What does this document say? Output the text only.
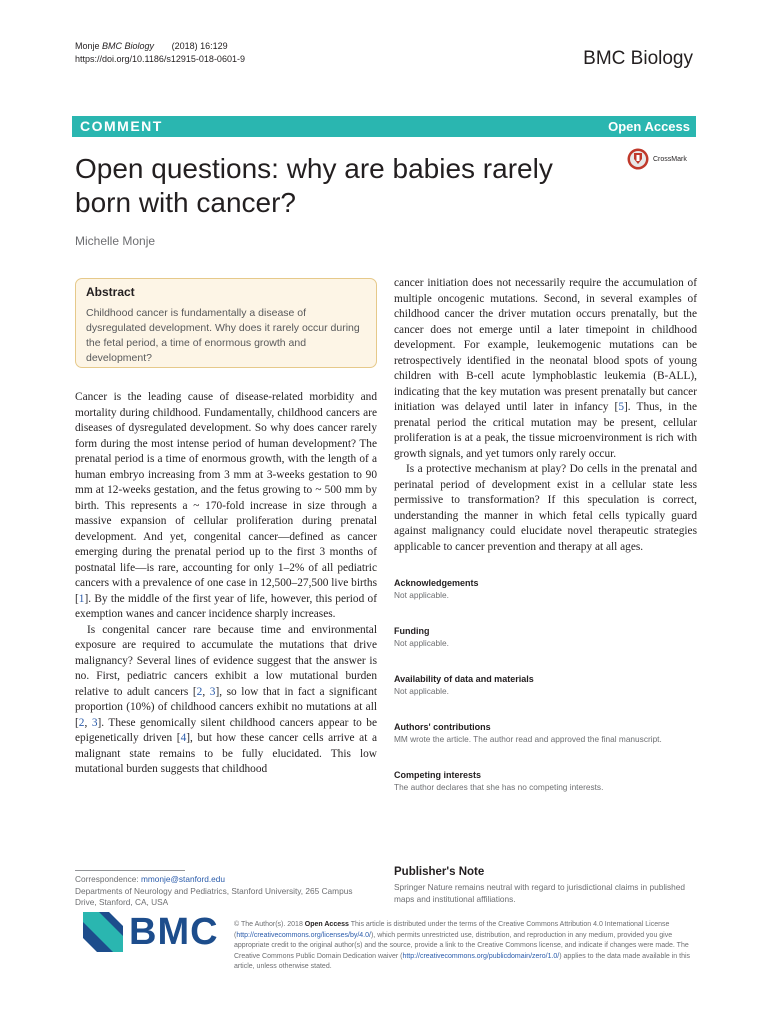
Monje BMC Biology (2018) 16:129
https://doi.org/10.1186/s12915-018-0601-9	BMC Biology
COMMENT	Open Access
Open questions: why are babies rarely born with cancer?
Michelle Monje
CrossMark
Abstract

Childhood cancer is fundamentally a disease of dysregulated development. Why does it rarely occur during the fetal period, a time of enormous growth and development?

Cancer is the leading cause of disease-related morbidity and mortality during childhood. Fundamentally, childhood cancers are diseases of dysregulated development. So why does cancer rarely form during the most intense period of human development? The prenatal period is a time of enormous growth, with the length of a human embryo increasing from 3 mm at 3-weeks gestation to 90 mm at 12-weeks gestation, and the fetus growing to ~ 500 mm by birth. This represents a ~ 170-fold increase in size through a massive expansion of cellular proliferation during prenatal development. And yet, congenital cancer—defined as cancer emerging during the prenatal period up to the first 3 months of postnatal life—is rare, accounting for only 1–2% of all pediatric cancers with a prevalence of one case in 12,500–27,500 live births [1]. By the middle of the first year of life, however, this period of exemption wanes and cancer incidence sharply increases.

Is congenital cancer rare because time and environmental exposure are required to accumulate the mutations that drive malignancy? Several lines of evidence suggest that the answer is no. First, pediatric cancers exhibit a low mutational burden relative to adult cancers [2, 3], so low that in fact a significant proportion (10%) of childhood cancers exhibit no mutations at all [2, 3]. These genomically silent childhood cancers appear to be epigenetically driven [4], but how these cancer cells arrive at a malignant state remains to be fully elucidated. This low mutational burden suggests that childhood

cancer initiation does not necessarily require the accumulation of multiple oncogenic mutations. Second, in several examples of childhood cancer the driver mutation occurs prenatally, but the cancer does not emerge until a later timepoint in childhood development. For example, leukemogenic mutations can be retrospectively identified in the neonatal blood spots of young children with B-cell acute lymphoblastic leukemia (B-ALL), indicating that the key mutation was present prenatally but cancer initiation was delayed until later in infancy [5]. Thus, in the prenatal period the critical mutation may be present, cellular proliferation is at a peak, the tissue microenvironment is rich with growth signals, and yet tumors only rarely occur.

Is a protective mechanism at play? Do cells in the prenatal and perinatal period of development exist in a cellular state less permissive to transformation? If this speculation is correct, understanding the manner in which fetal cells typically guard against malignancy could elucidate novel therapeutic strategies applicable to cancer prevention and therapy at all ages.

Acknowledgements

Not applicable.

Funding

Not applicable.

Availability of data and materials

Not applicable.

Authors' contributions

MM wrote the article. The author read and approved the final manuscript.

Competing interests

The author declares that she has no competing interests.

Publisher's Note

Springer Nature remains neutral with regard to jurisdictional claims in published maps and institutional affiliations.

Correspondence: mmonje@stanford.edu
Departments of Neurology and Pediatrics, Stanford University, 265 Campus Drive, Stanford, CA, USA
BMC © The Author(s). 2018 Open Access This article is distributed under the terms of the Creative Commons Attribution 4.0 International License (http://creativecommons.org/licenses/by/4.0/), which permits unrestricted use, distribution, and reproduction in any medium, provided you give appropriate credit to the original author(s) and the source, provide a link to the Creative Commons license, and indicate if changes were made. The Creative Commons Public Domain Dedication waiver (http://creativecommons.org/publicdomain/zero/1.0/) applies to the data made available in this article, unless otherwise stated.
